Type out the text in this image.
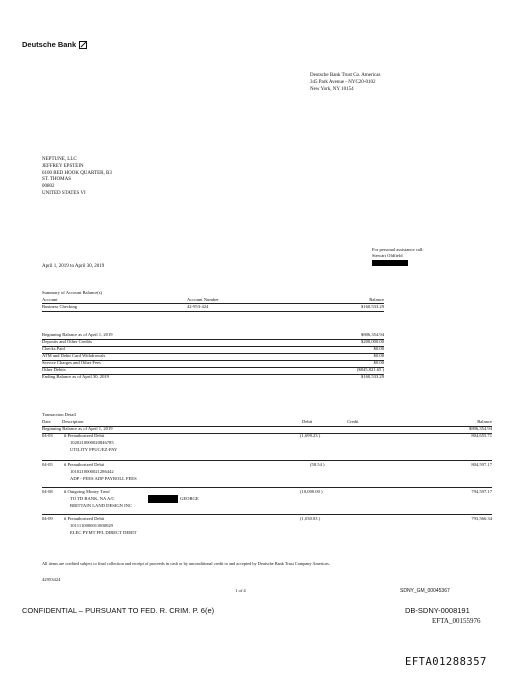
Deutsche Bank
Deutsche Bank Trust Co. Americas
345 Park Avenue - NYC20-0102
New York, NY 10154
NEPTUNE, LLC
JEFFREY EPSTEIN
6100 RED HOOK QUARTER, B3
ST. THOMAS
00802
UNITED STATES VI
For personal assistance call:
Stewart Oldfield
April 1, 2019 to April 30, 2019
Summary of Account Balance(s)
Account	Account Number	Balance
Business Checking	42-953-424	$160,533.29
Beginning Balance as of April 1, 2019	$806,354.94
Deposits and Other Credits	$200,000.00
Checks Paid	$0.00
ATM and Debit Card Withdrawals	$0.00
Service Charges and Other Fees	$0.00
Other Debits	($845,821.65 )
Ending Balance as of April 30, 2019	$160,533.29
Transaction Detail
Date Description	Debit	Credit	Balance
Beginning Balance as of April 1, 2019	$806,354.94
04-03 # Preauthorized Debit
1020210000020846785
UTILITY FPUC/EZ-PAY
(1,699.23 )	804,655.71
04-05 # Preauthorized Debit
1010210000021286442
ADP - FEES ADP PAYROLL FEES
(58.54 )	804,597.17
04-08 # Outgoing Money Trnsf
TO TD BANK, NA A/C	GEORGE
BRITTAIN LAND DESIGN INC
(10,000.00 )	794,597.17
04-09 # Preauthorized Debit
1011110000011800029
ELEC PYMT FPL DIRECT DEBIT
(1,030.83 )	793,566.34
All items are credited subject to final collection and receipt of proceeds in cash or by unconditional credit to and accepted by Deutsche Bank Trust Company Americas.
42953424
1 of 4	SDNY_GM_00045367
CONFIDENTIAL – PURSUANT TO FED. R. CRIM. P. 6(e)	DB-SDNY-0008191
EFTA_00155976
EFTA01288357
